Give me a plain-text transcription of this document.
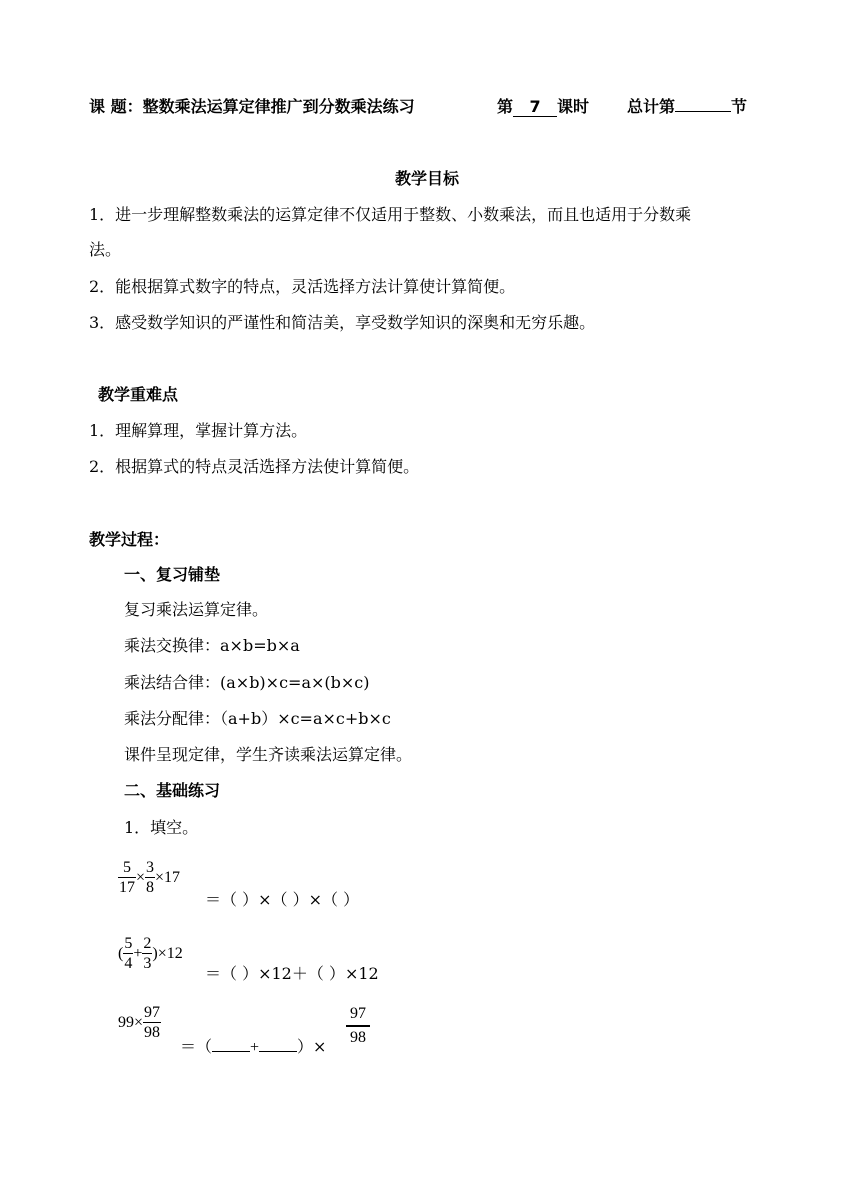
课 题：整数乘法运算定律推广到分数乘法练习	第 7 课时 总计第	节
教学目标
1．进一步理解整数乘法的运算定律不仅适用于整数、小数乘法，而且也适用于分数乘
法。
2．能根据算式数字的特点，灵活选择方法计算使计算简便。
3．感受数学知识的严谨性和简洁美，享受数学知识的深奥和无穷乐趣。
教学重难点
1．理解算理，掌握计算方法。
2．根据算式的特点灵活选择方法使计算简便。
教学过程：
一、复习铺垫
复习乘法运算定律。
乘法交换律：a×b=b×a
乘法结合律：(a×b)×c=a×(b×c)
乘法分配律：（a+b）×c=a×c+b×c
课件呈现定律，学生齐读乘法运算定律。
二、基础练习
1．填空。
$\frac{5}{17} \times \frac{3}{8} \times 17$
＝（ ）×（ ）×（ ）
( $\frac{5}{4} + \frac{2}{3} )\times 12$
＝（ ）×12＋（ ）×12
$99\times \frac{97}{98}$
＝（ + ）× $\frac{97}{98}$
